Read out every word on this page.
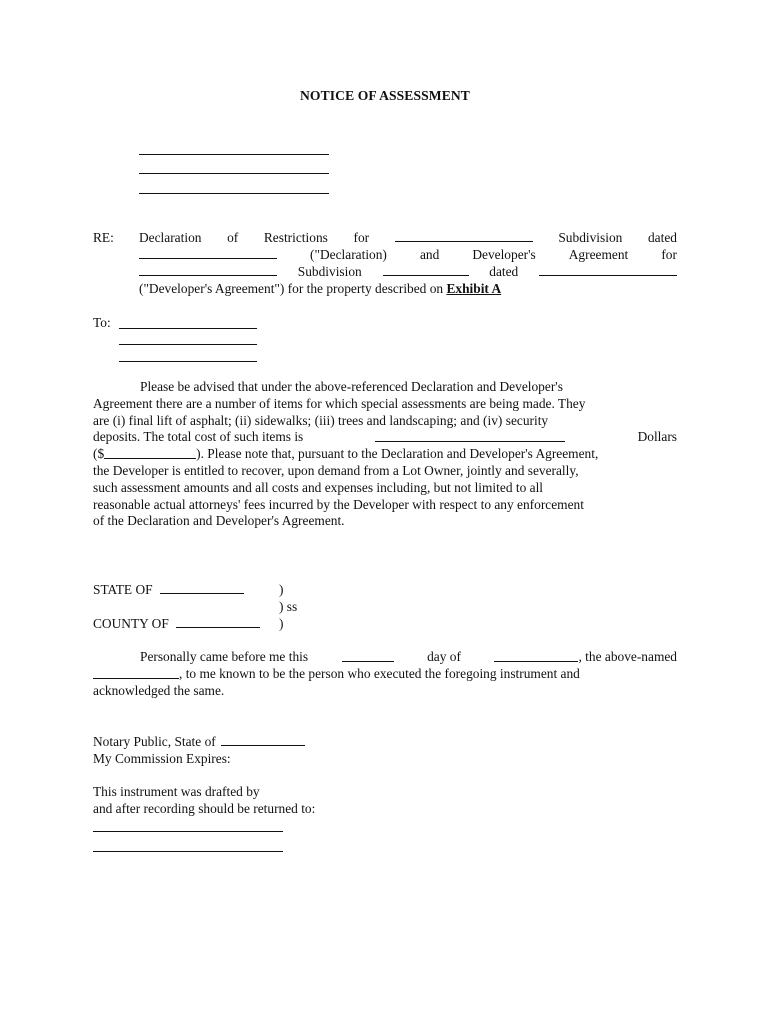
NOTICE OF ASSESSMENT
RE: Declaration of Restrictions for	Subdivision dated
("Declaration) and Developer's Agreement for
Subdivision	dated
("Developer's Agreement") for the property described on Exhibit A
To:
Please be advised that under the above-referenced Declaration and Developer's
Agreement there are a number of items for which special assessments are being made. They
are (i) final lift of asphalt; (ii) sidewalks; (iii) trees and landscaping; and (iv) security
deposits. The total cost of such items is	Dollars
($	). Please note that, pursuant to the Declaration and Developer's Agreement,
the Developer is entitled to recover, upon demand from a Lot Owner, jointly and severally,
such assessment amounts and all costs and expenses including, but not limited to all
reasonable actual attorneys' fees incurred by the Developer with respect to any enforcement
of the Declaration and Developer's Agreement.
STATE OF	)
) ss
COUNTY OF	)
Personally came before me this	day of	, the above-named
, to me known to be the person who executed the foregoing instrument and
acknowledged the same.
Notary Public, State of
My Commission Expires:
This instrument was drafted by
and after recording should be returned to:
